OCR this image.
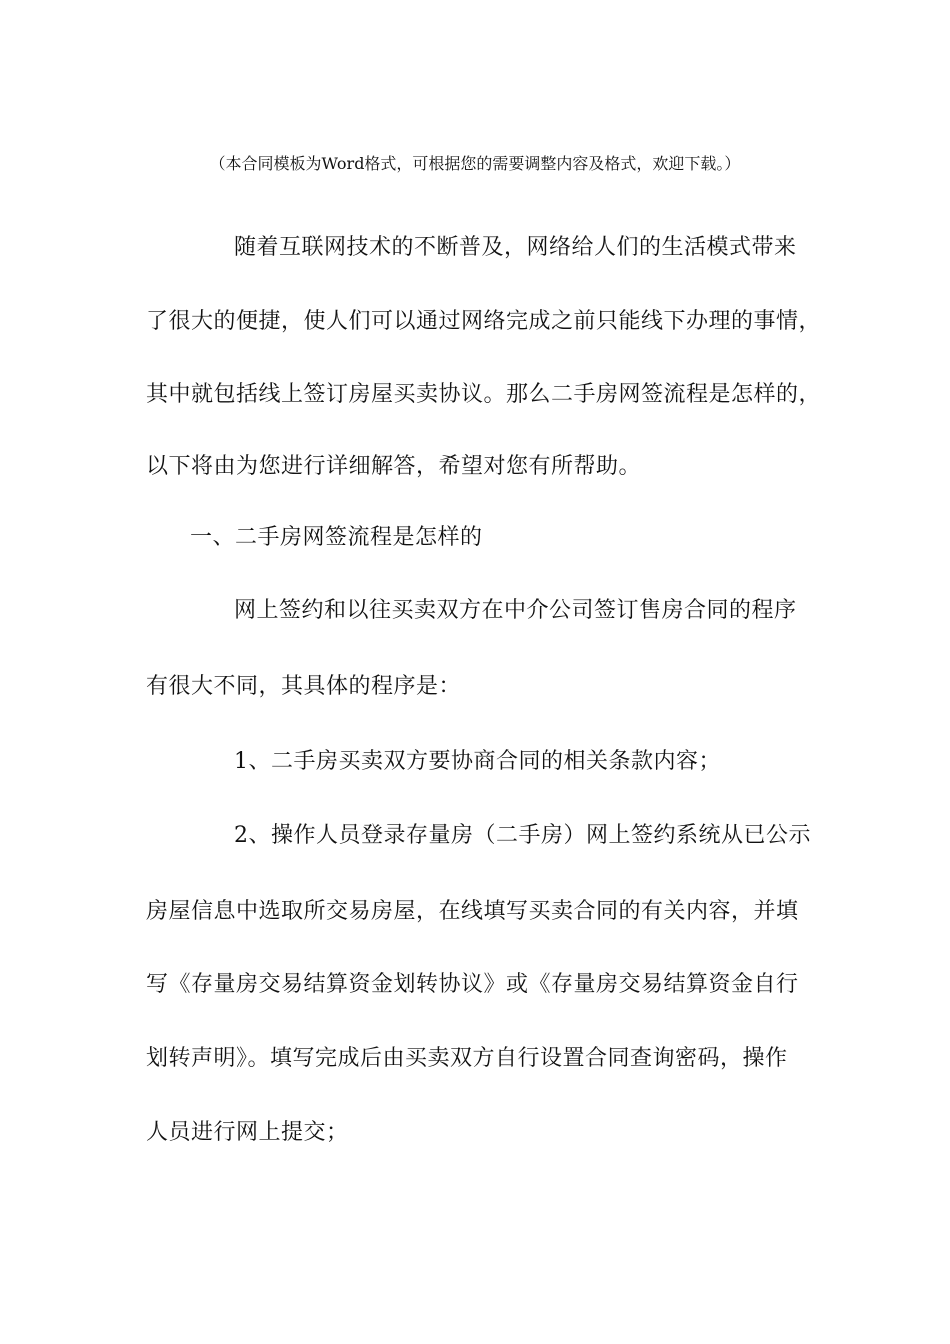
（本合同模板为Word格式，可根据您的需要调整内容及格式，欢迎下载。）
随着互联网技术的不断普及，网络给人们的生活模式带来
了很大的便捷，使人们可以通过网络完成之前只能线下办理的事情，
其中就包括线上签订房屋买卖协议。那么二手房网签流程是怎样的，
以下将由为您进行详细解答，希望对您有所帮助。
一、二手房网签流程是怎样的
网上签约和以往买卖双方在中介公司签订售房合同的程序
有很大不同，其具体的程序是：
1、二手房买卖双方要协商合同的相关条款内容；
2、操作人员登录存量房（二手房）网上签约系统从已公示
房屋信息中选取所交易房屋，在线填写买卖合同的有关内容，并填
写《存量房交易结算资金划转协议》或《存量房交易结算资金自行
划转声明》。填写完成后由买卖双方自行设置合同查询密码，操作
人员进行网上提交；
